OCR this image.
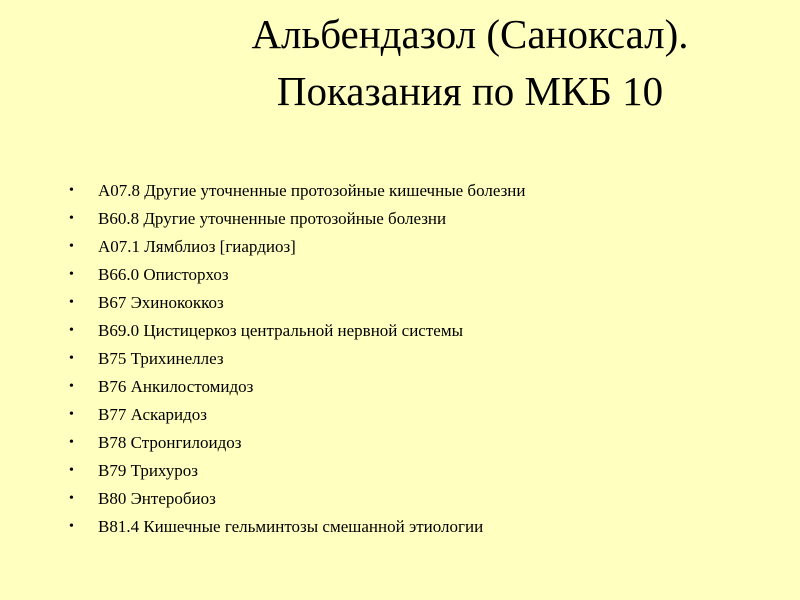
Альбендазол (Саноксал).
Показания по МКБ 10
• A07.8 Другие уточненные протозойные кишечные болезни
• B60.8 Другие уточненные протозойные болезни
• A07.1 Лямблиоз [гиардиоз]
• B66.0 Описторхоз
• B67 Эхинококкоз
• B69.0 Цистицеркоз центральной нервной системы
• B75 Трихинеллез
• B76 Анкилостомидоз
• B77 Аскаридоз
• B78 Стронгилоидоз
• B79 Трихуроз
• B80 Энтеробиоз
• B81.4 Кишечные гельминтозы смешанной этиологии
